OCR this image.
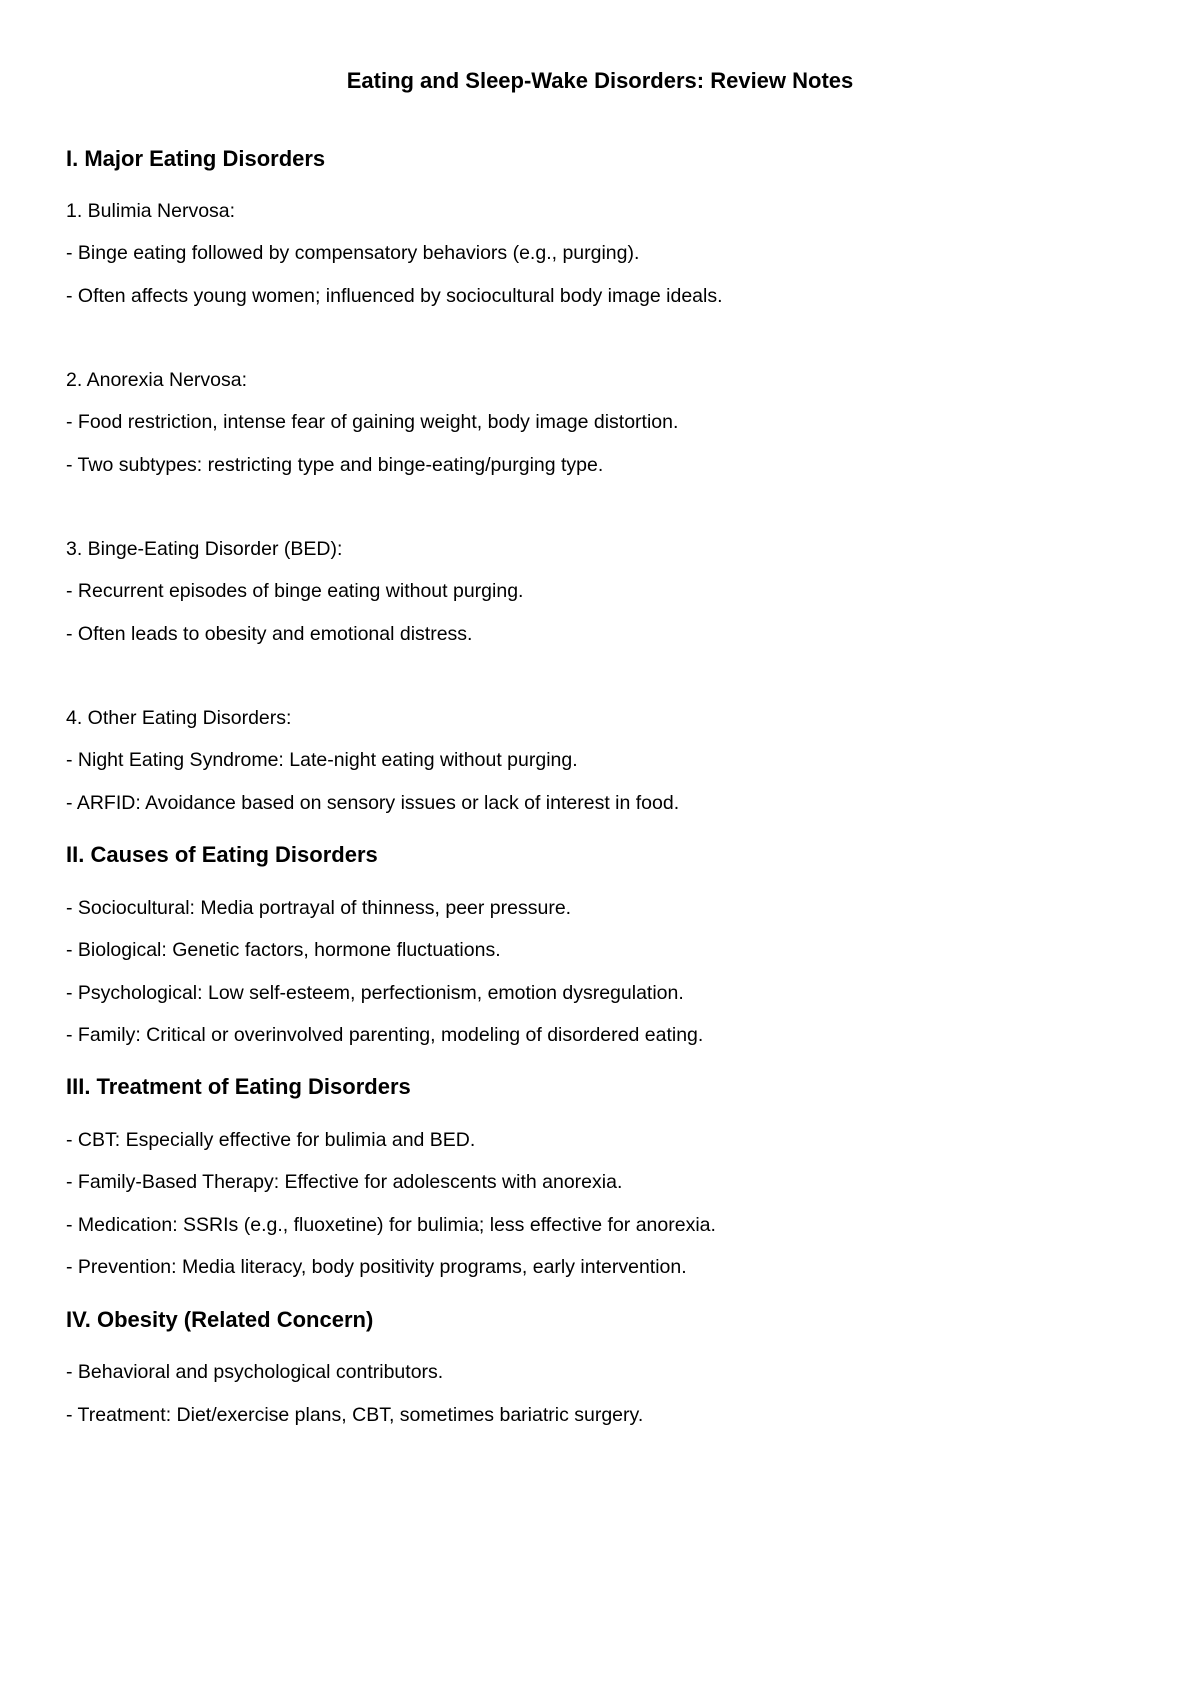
Eating and Sleep-Wake Disorders: Review Notes
I. Major Eating Disorders

1. Bulimia Nervosa:

- Binge eating followed by compensatory behaviors (e.g., purging).

- Often affects young women; influenced by sociocultural body image ideals.

2. Anorexia Nervosa:

- Food restriction, intense fear of gaining weight, body image distortion.

- Two subtypes: restricting type and binge-eating/purging type.

3. Binge-Eating Disorder (BED):

- Recurrent episodes of binge eating without purging.

- Often leads to obesity and emotional distress.

4. Other Eating Disorders:

- Night Eating Syndrome: Late-night eating without purging.

- ARFID: Avoidance based on sensory issues or lack of interest in food.

II. Causes of Eating Disorders

- Sociocultural: Media portrayal of thinness, peer pressure.

- Biological: Genetic factors, hormone fluctuations.

- Psychological: Low self-esteem, perfectionism, emotion dysregulation.

- Family: Critical or overinvolved parenting, modeling of disordered eating.

III. Treatment of Eating Disorders

- CBT: Especially effective for bulimia and BED.

- Family-Based Therapy: Effective for adolescents with anorexia.

- Medication: SSRIs (e.g., fluoxetine) for bulimia; less effective for anorexia.

- Prevention: Media literacy, body positivity programs, early intervention.

IV. Obesity (Related Concern)

- Behavioral and psychological contributors.

- Treatment: Diet/exercise plans, CBT, sometimes bariatric surgery.
